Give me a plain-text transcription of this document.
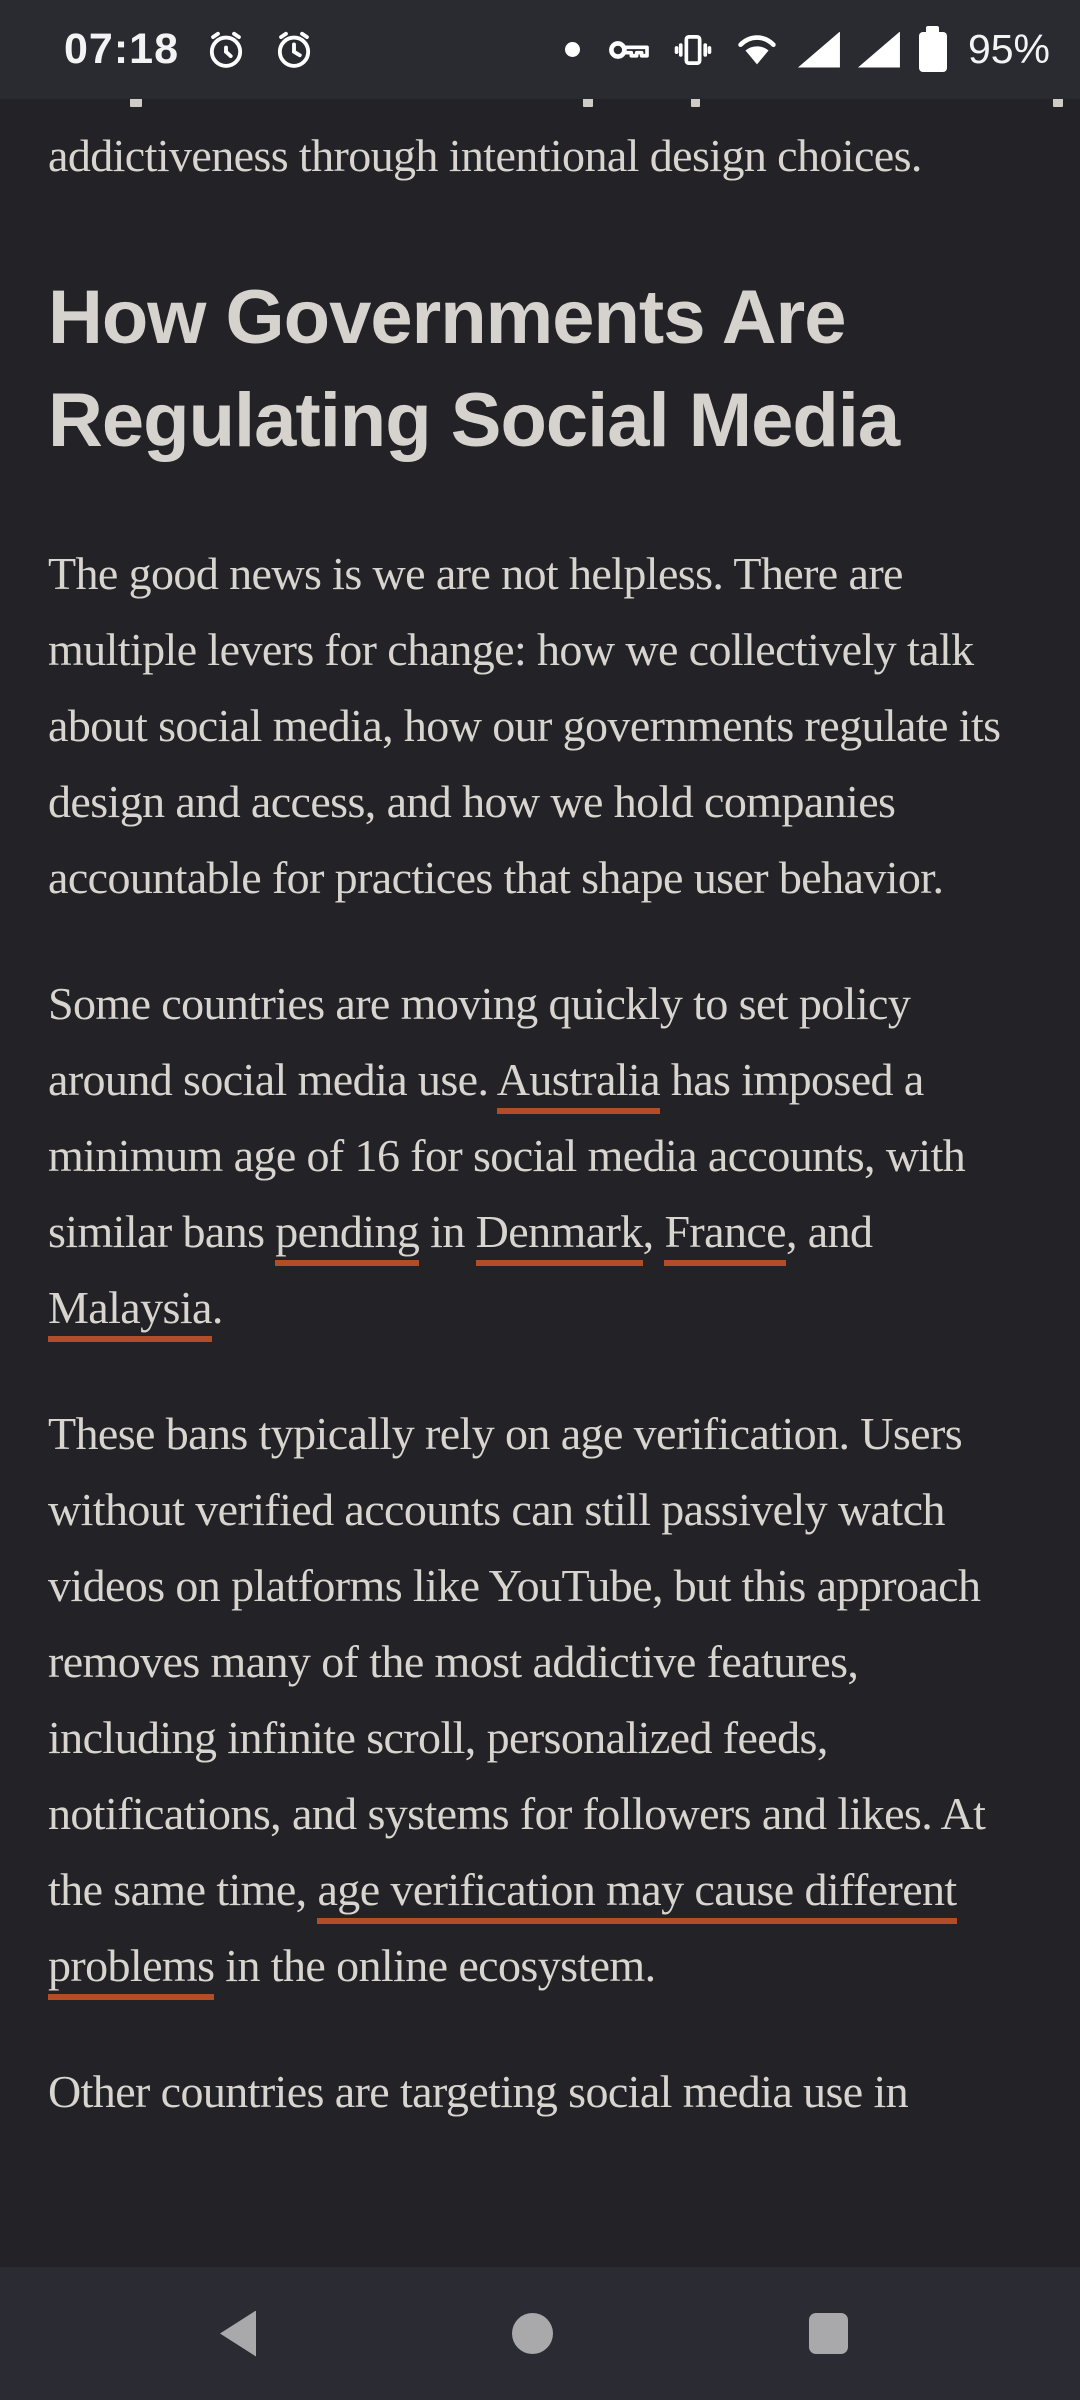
addictiveness through intentional design choices.

How Governments Are Regulating Social Media

The good news is we are not helpless. There are multiple levers for change: how we collectively talk about social media, how our governments regulate its design and access, and how we hold companies accountable for practices that shape user behavior.

Some countries are moving quickly to set policy around social media use. Australia has imposed a minimum age of 16 for social media accounts, with similar bans pending in Denmark, France, and Malaysia.

These bans typically rely on age verification. Users without verified accounts can still passively watch videos on platforms like YouTube, but this approach removes many of the most addictive features, including infinite scroll, personalized feeds, notifications, and systems for followers and likes. At the same time, age verification may cause different problems in the online ecosystem.

Other countries are targeting social media use in

07:18	95%
